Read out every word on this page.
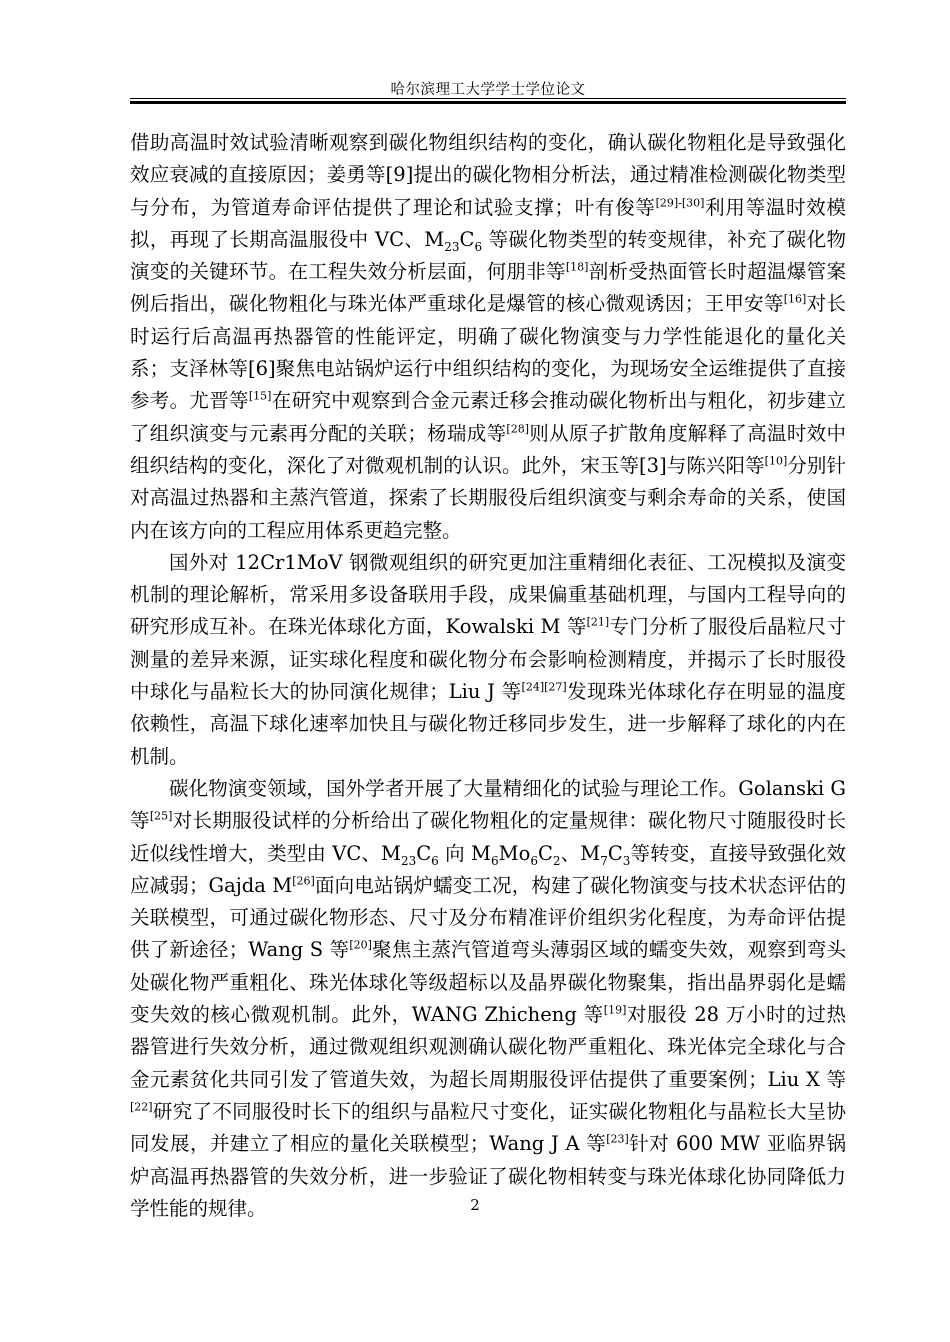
哈尔滨理工大学学士学位论文

借助高温时效试验清晰观察到碳化物组织结构的变化，确认碳化物粗化是导致强化效应衰减的直接原因；姜勇等[9]提出的碳化物相分析法，通过精准检测碳化物类型与分布，为管道寿命评估提供了理论和试验支撑；叶有俊等[29]-[30]利用等温时效模拟，再现了长期高温服役中 VC、$M_{23}C_6$ 等碳化物类型的转变规律，补充了碳化物演变的关键环节。在工程失效分析层面，何朋非等[18]剖析受热面管长时超温爆管案例后指出，碳化物粗化与珠光体严重球化是爆管的核心微观诱因；王甲安等[16]对长时运行后高温再热器管的性能评定，明确了碳化物演变与力学性能退化的量化关系；支泽林等[6]聚焦电站锅炉运行中组织结构的变化，为现场安全运维提供了直接参考。尤晋等[15]在研究中观察到合金元素迁移会推动碳化物析出与粗化，初步建立了组织演变与元素再分配的关联；杨瑞成等[28]则从原子扩散角度解释了高温时效中组织结构的变化，深化了对微观机制的认识。此外，宋玉等[3]与陈兴阳等[10]分别针对高温过热器和主蒸汽管道，探索了长期服役后组织演变与剩余寿命的关系，使国内在该方向的工程应用体系更趋完整。

国外对 12Cr1MoV 钢微观组织的研究更加注重精细化表征、工况模拟及演变机制的理论解析，常采用多设备联用手段，成果偏重基础机理，与国内工程导向的研究形成互补。在珠光体球化方面，Kowalski M 等[21]专门分析了服役后晶粒尺寸测量的差异来源，证实球化程度和碳化物分布会影响检测精度，并揭示了长时服役中球化与晶粒长大的协同演化规律；Liu J 等[24][27]发现珠光体球化存在明显的温度依赖性，高温下球化速率加快且与碳化物迁移同步发生，进一步解释了球化的内在机制。

碳化物演变领域，国外学者开展了大量精细化的试验与理论工作。Golanski G 等[25]对长期服役试样的分析给出了碳化物粗化的定量规律：碳化物尺寸随服役时长近似线性增大，类型由 VC、$M_{23}C_6$ 向 $M_6Mo_6C_2$、$M_7C_3$等转变，直接导致强化效应减弱；Gajda M[26]面向电站锅炉蠕变工况，构建了碳化物演变与技术状态评估的关联模型，可通过碳化物形态、尺寸及分布精准评价组织劣化程度，为寿命评估提供了新途径；Wang S 等[20]聚焦主蒸汽管道弯头薄弱区域的蠕变失效，观察到弯头处碳化物严重粗化、珠光体球化等级超标以及晶界碳化物聚集，指出晶界弱化是蠕变失效的核心微观机制。此外，WANG Zhicheng 等[19]对服役 28 万小时的过热器管进行失效分析，通过微观组织观测确认碳化物严重粗化、珠光体完全球化与合金元素贫化共同引发了管道失效，为超长周期服役评估提供了重要案例；Liu X 等[22]研究了不同服役时长下的组织与晶粒尺寸变化，证实碳化物粗化与晶粒长大呈协同发展，并建立了相应的量化关联模型；Wang J A 等[23]针对 600 MW 亚临界锅炉高温再热器管的失效分析，进一步验证了碳化物相转变与珠光体球化协同降低力学性能的规律。	2
